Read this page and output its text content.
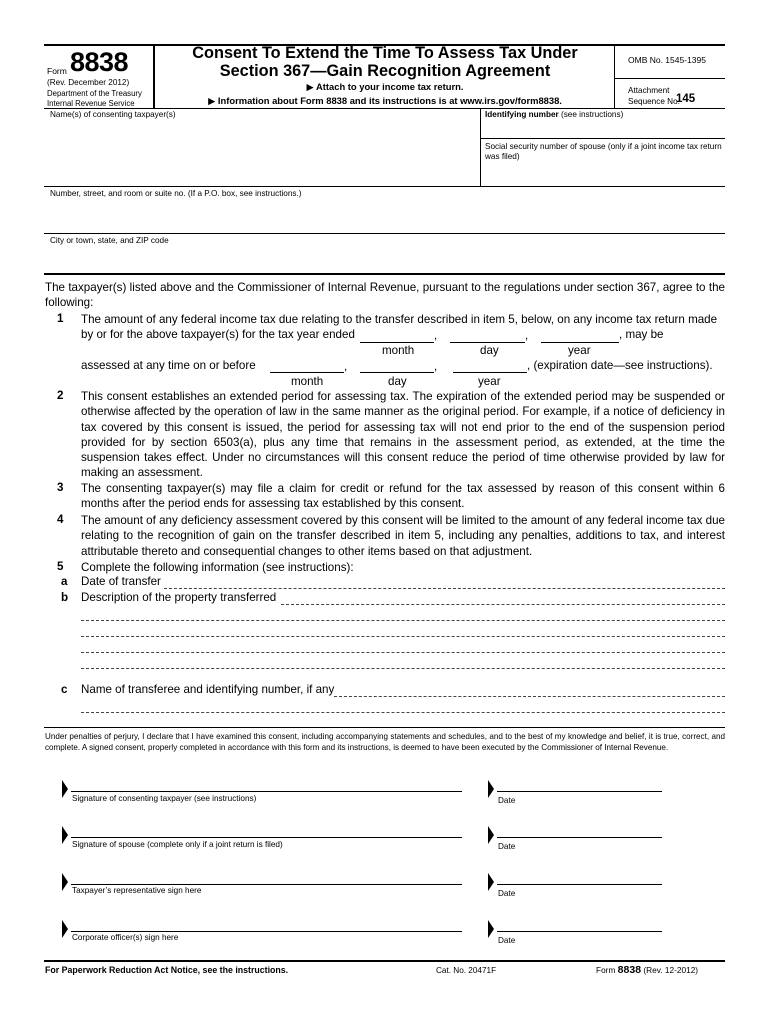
Form 8838
(Rev. December 2012)
Department of the Treasury
Internal Revenue Service
Consent To Extend the Time To Assess Tax Under
Section 367—Gain Recognition Agreement
▶ Attach to your income tax return.
▶ Information about Form 8838 and its instructions is at www.irs.gov/form8838.
OMB No. 1545-1395
Attachment
Sequence No.
145
Name(s) of consenting taxpayer(s)	Identifying number (see instructions)
Social security number of spouse (only if a joint income tax return was filed)
Number, street, and room or suite no. (If a P.O. box, see instructions.)
City or town, state, and ZIP code
The taxpayer(s) listed above and the Commissioner of Internal Revenue, pursuant to the regulations under section 367, agree to the following:
1 The amount of any federal income tax due relating to the transfer described in item 5, below, on any income tax return made
by or for the above taxpayer(s) for the tax year ended	,	,	, may be
month	day	year
assessed at any time on or before	,	,	, (expiration date—see instructions).
month	day	year
2 This consent establishes an extended period for assessing tax. The expiration of the extended period may be suspended or otherwise affected by the operation of law in the same manner as the original period. For example, if a notice of deficiency in tax covered by this consent is issued, the period for assessing tax will not end prior to the end of the suspension period provided for by section 6503(a), plus any time that remains in the assessment period, as extended, at the time the suspension takes effect. Under no circumstances will this consent reduce the period of time otherwise provided by law for making an assessment.
3 The consenting taxpayer(s) may file a claim for credit or refund for the tax assessed by reason of this consent within 6 months after the period ends for assessing tax established by this consent.
4 The amount of any deficiency assessment covered by this consent will be limited to the amount of any federal income tax due relating to the recognition of gain on the transfer described in item 5, including any penalties, additions to tax, and interest attributable thereto and consequential changes to other items based on that adjustment.
5 Complete the following information (see instructions):
a Date of transfer
b Description of the property transferred
c Name of transferee and identifying number, if any
Under penalties of perjury, I declare that I have examined this consent, including accompanying statements and schedules, and to the best of my knowledge and belief, it is true, correct, and complete. A signed consent, properly completed in accordance with this form and its instructions, is deemed to have been executed by the Commissioner of Internal Revenue.
Signature of consenting taxpayer (see instructions)	Date
Signature of spouse (complete only if a joint return is filed)	Date
Taxpayer’s representative sign here	Date
Corporate officer(s) sign here	Date
For Paperwork Reduction Act Notice, see the instructions.	Cat. No. 20471F	Form 8838 (Rev. 12-2012)
